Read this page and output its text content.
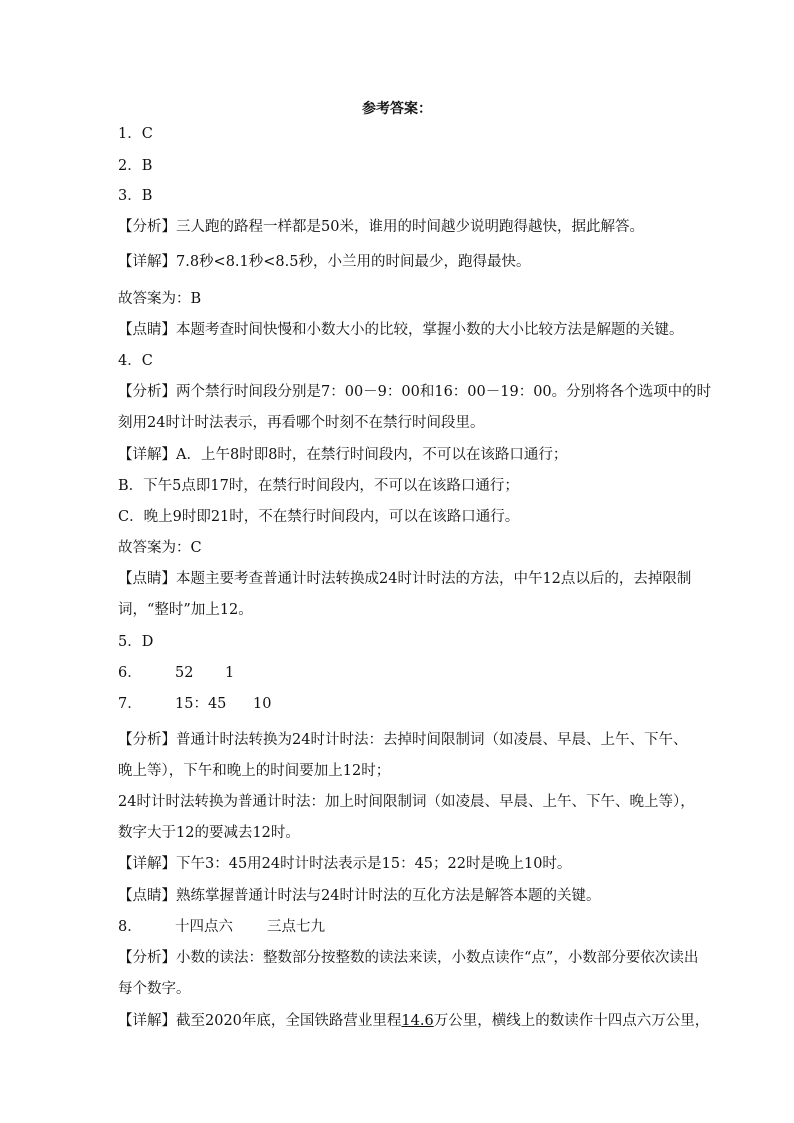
参考答案：
1．C
2．B
3．B
【分析】三人跑的路程一样都是50米，谁用的时间越少说明跑得越快，据此解答。
【详解】7.8秒<8.1秒<8.5秒，小兰用的时间最少，跑得最快。
故答案为：B
【点睛】本题考查时间快慢和小数大小的比较，掌握小数的大小比较方法是解题的关键。
4．C
【分析】两个禁行时间段分别是7：00－9：00和16：00－19：00。分别将各个选项中的时
刻用24时计时法表示，再看哪个时刻不在禁行时间段里。
【详解】A．上午8时即8时，在禁行时间段内，不可以在该路口通行；
B．下午5点即17时，在禁行时间段内，不可以在该路口通行；
C．晚上9时即21时，不在禁行时间段内，可以在该路口通行。
故答案为：C
【点睛】本题主要考查普通计时法转换成24时计时法的方法，中午12点以后的，去掉限制
词，“整时”加上12。
5．D
6． 52 1
7． 15：45 10
【分析】普通计时法转换为24时计时法：去掉时间限制词（如凌晨、早晨、上午、下午、
晚上等），下午和晚上的时间要加上12时；
24时计时法转换为普通计时法：加上时间限制词（如凌晨、早晨、上午、下午、晚上等），
数字大于12的要减去12时。
【详解】下午3：45用24时计时法表示是15：45；22时是晚上10时。
【点睛】熟练掌握普通计时法与24时计时法的互化方法是解答本题的关键。
8． 十四点六 三点七九
【分析】小数的读法：整数部分按整数的读法来读，小数点读作“点”，小数部分要依次读出
每个数字。
【详解】截至2020年底，全国铁路营业里程14.6万公里，横线上的数读作十四点六万公里，
